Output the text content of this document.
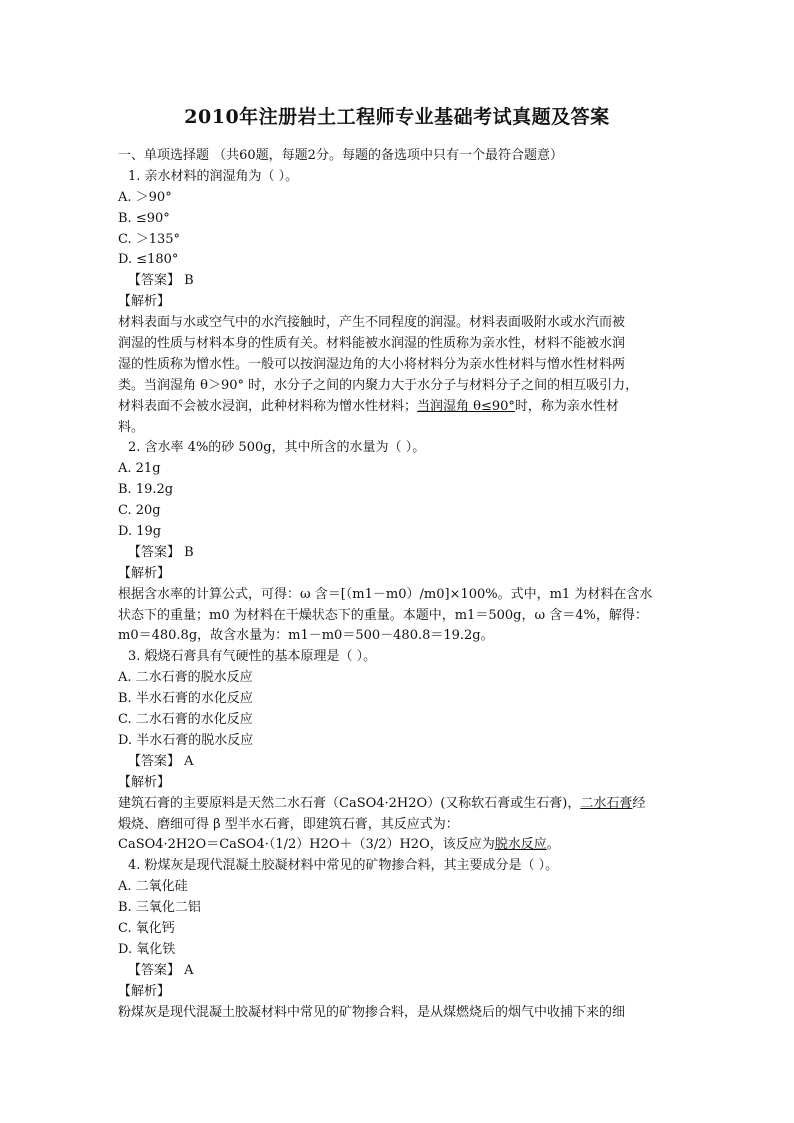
2010年注册岩土工程师专业基础考试真题及答案
一、单项选择题 （共60题，每题2分。每题的备选项中只有一个最符合题意）
1. 亲水材料的润湿角为（ ）。
A. ＞90°
B. ≤90°
C. ＞135°
D. ≤180°
【答案】 B
【解析】
材料表面与水或空气中的水汽接触时，产生不同程度的润湿。材料表面吸附水或水汽而被
润湿的性质与材料本身的性质有关。材料能被水润湿的性质称为亲水性，材料不能被水润
湿的性质称为憎水性。一般可以按润湿边角的大小将材料分为亲水性材料与憎水性材料两
类。当润湿角 θ＞90° 时，水分子之间的内聚力大于水分子与材料分子之间的相互吸引力，
材料表面不会被水浸润，此种材料称为憎水性材料；当润湿角 θ≤90°时，称为亲水性材
料。
2. 含水率 4%的砂 500g，其中所含的水量为（ ）。
A. 21g
B. 19.2g
C. 20g
D. 19g
【答案】 B
【解析】
根据含水率的计算公式，可得：ω 含＝[（m1－m0）/m0]×100%。式中，m1 为材料在含水
状态下的重量；m0 为材料在干燥状态下的重量。本题中，m1＝500g，ω 含＝4%，解得：
m0＝480.8g，故含水量为：m1－m0＝500－480.8＝19.2g。
3. 煅烧石膏具有气硬性的基本原理是（ ）。
A. 二水石膏的脱水反应
B. 半水石膏的水化反应
C. 二水石膏的水化反应
D. 半水石膏的脱水反应
【答案】 A
【解析】
建筑石膏的主要原料是天然二水石膏（CaSO4·2H2O）(又称软石膏或生石膏)，二水石膏经
煅烧、磨细可得 β 型半水石膏，即建筑石膏，其反应式为：
CaSO4·2H2O＝CaSO4·（1/2）H2O＋（3/2）H2O，该反应为脱水反应。
4. 粉煤灰是现代混凝土胶凝材料中常见的矿物掺合料，其主要成分是（ ）。
A. 二氧化硅
B. 三氧化二铝
C. 氧化钙
D. 氧化铁
【答案】 A
【解析】
粉煤灰是现代混凝土胶凝材料中常见的矿物掺合料，是从煤燃烧后的烟气中收捕下来的细
